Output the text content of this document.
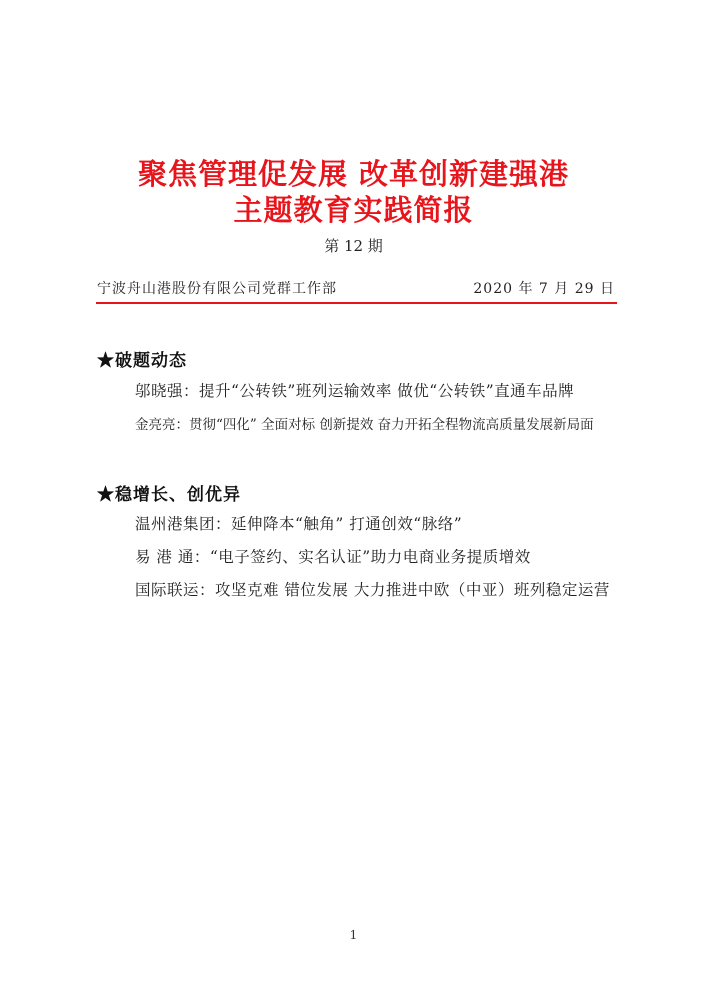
聚焦管理促发展 改革创新建强港
主题教育实践简报
第 12 期
宁波舟山港股份有限公司党群工作部	2020 年 7 月 29 日
★破题动态
邬晓强：提升“公转铁”班列运输效率 做优“公转铁”直通车品牌
金亮亮：贯彻“四化” 全面对标 创新提效 奋力开拓全程物流高质量发展新局面
★稳增长、创优异
温州港集团：延伸降本“触角” 打通创效“脉络”
易 港 通：“电子签约、实名认证”助力电商业务提质增效
国际联运：攻坚克难 错位发展 大力推进中欧（中亚）班列稳定运营
1
